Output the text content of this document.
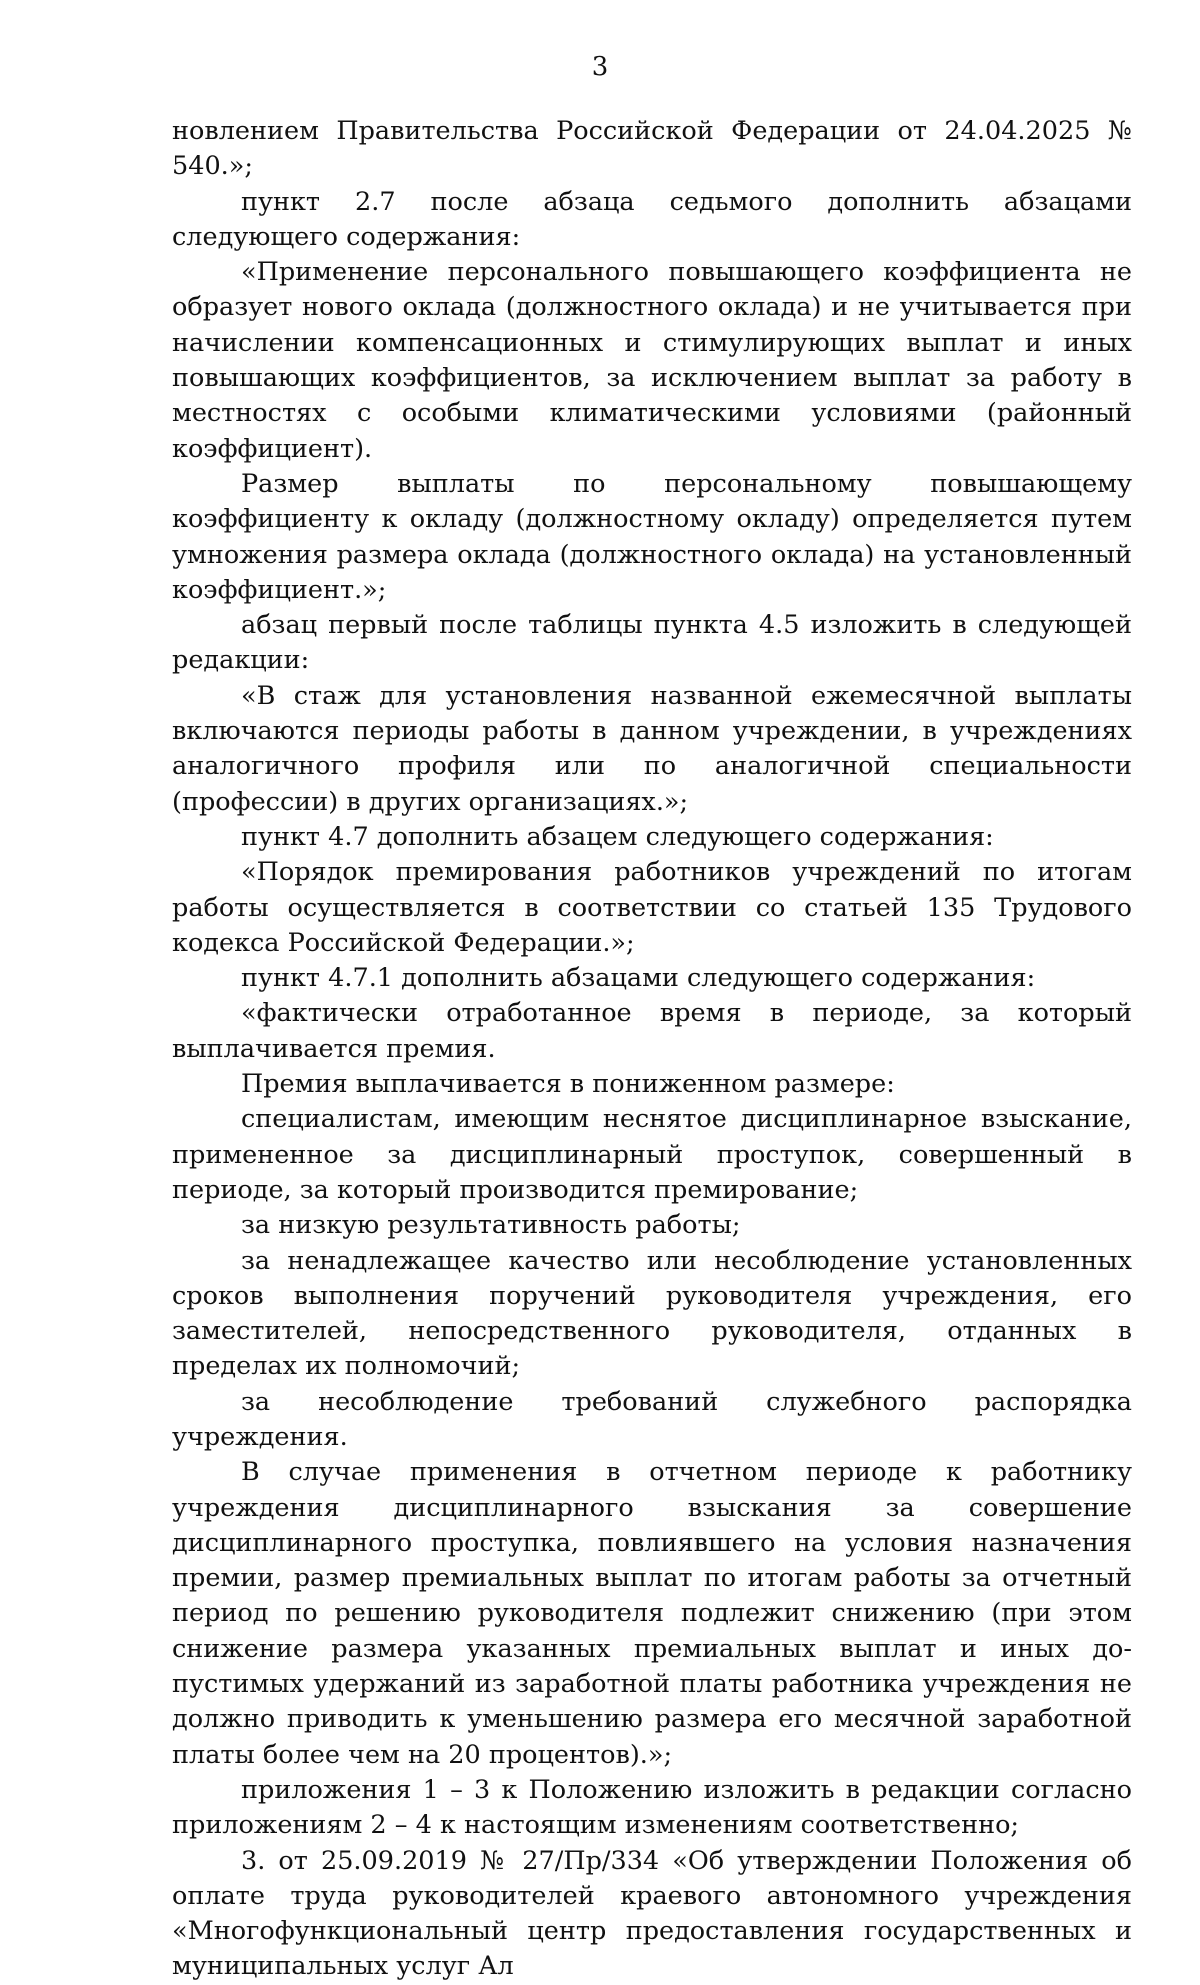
3

новлением Правительства Российской Федерации от 24.04.2025 № 540.»;

пункт 2.7 после абзаца седьмого дополнить абзацами следующего содержания:

«Применение персонального повышающего коэффициента не образует нового оклада (должностного оклада) и не учитывается при начислении компенсационных и стимулирующих выплат и иных повышающих коэффициентов, за исключением выплат за работу в местностях с особыми климатическими условиями (районный коэффициент).

Размер выплаты по персональному повышающему коэффициенту к окладу (должностному окладу) определяется путем умножения размера оклада (должностного оклада) на установленный коэффициент.»;

абзац первый после таблицы пункта 4.5 изложить в следующей редакции:

«В стаж для установления названной ежемесячной выплаты включаются периоды работы в данном учреждении, в учреждениях аналогичного профиля или по аналогичной специальности (профессии) в других организациях.»;

пункт 4.7 дополнить абзацем следующего содержания:

«Порядок премирования работников учреждений по итогам работы осуществляется в соответствии со статьей 135 Трудового кодекса Российской Федерации.»;

пункт 4.7.1 дополнить абзацами следующего содержания:

«фактически отработанное время в периоде, за который выплачивается премия.

Премия выплачивается в пониженном размере:

специалистам, имеющим неснятое дисциплинарное взыскание, примененное за дисциплинарный проступок, совершенный в периоде, за который производится премирование;

за низкую результативность работы;

за ненадлежащее качество или несоблюдение установленных сроков выполнения поручений руководителя учреждения, его заместителей, непосредственного руководителя, отданных в пределах их полномочий;

за несоблюдение требований служебного распорядка учреждения.

В случае применения в отчетном периоде к работнику учреждения дисциплинарного взыскания за совершение дисциплинарного проступка, повлиявшего на условия назначения премии, размер премиальных выплат по итогам работы за отчетный период по решению руководителя подлежит снижению (при этом снижение размера указанных премиальных выплат и иных допустимых удержаний из заработной платы работника учреждения не должно приводить к уменьшению размера его месячной заработной платы более чем на 20 процентов).»;

приложения 1 – 3 к Положению изложить в редакции согласно приложениям 2 – 4 к настоящим изменениям соответственно;

3. от 25.09.2019 № 27/Пр/334 «Об утверждении Положения об оплате труда руководителей краевого автономного учреждения «Многофункциональный центр предоставления государственных и муниципальных услуг Ал
